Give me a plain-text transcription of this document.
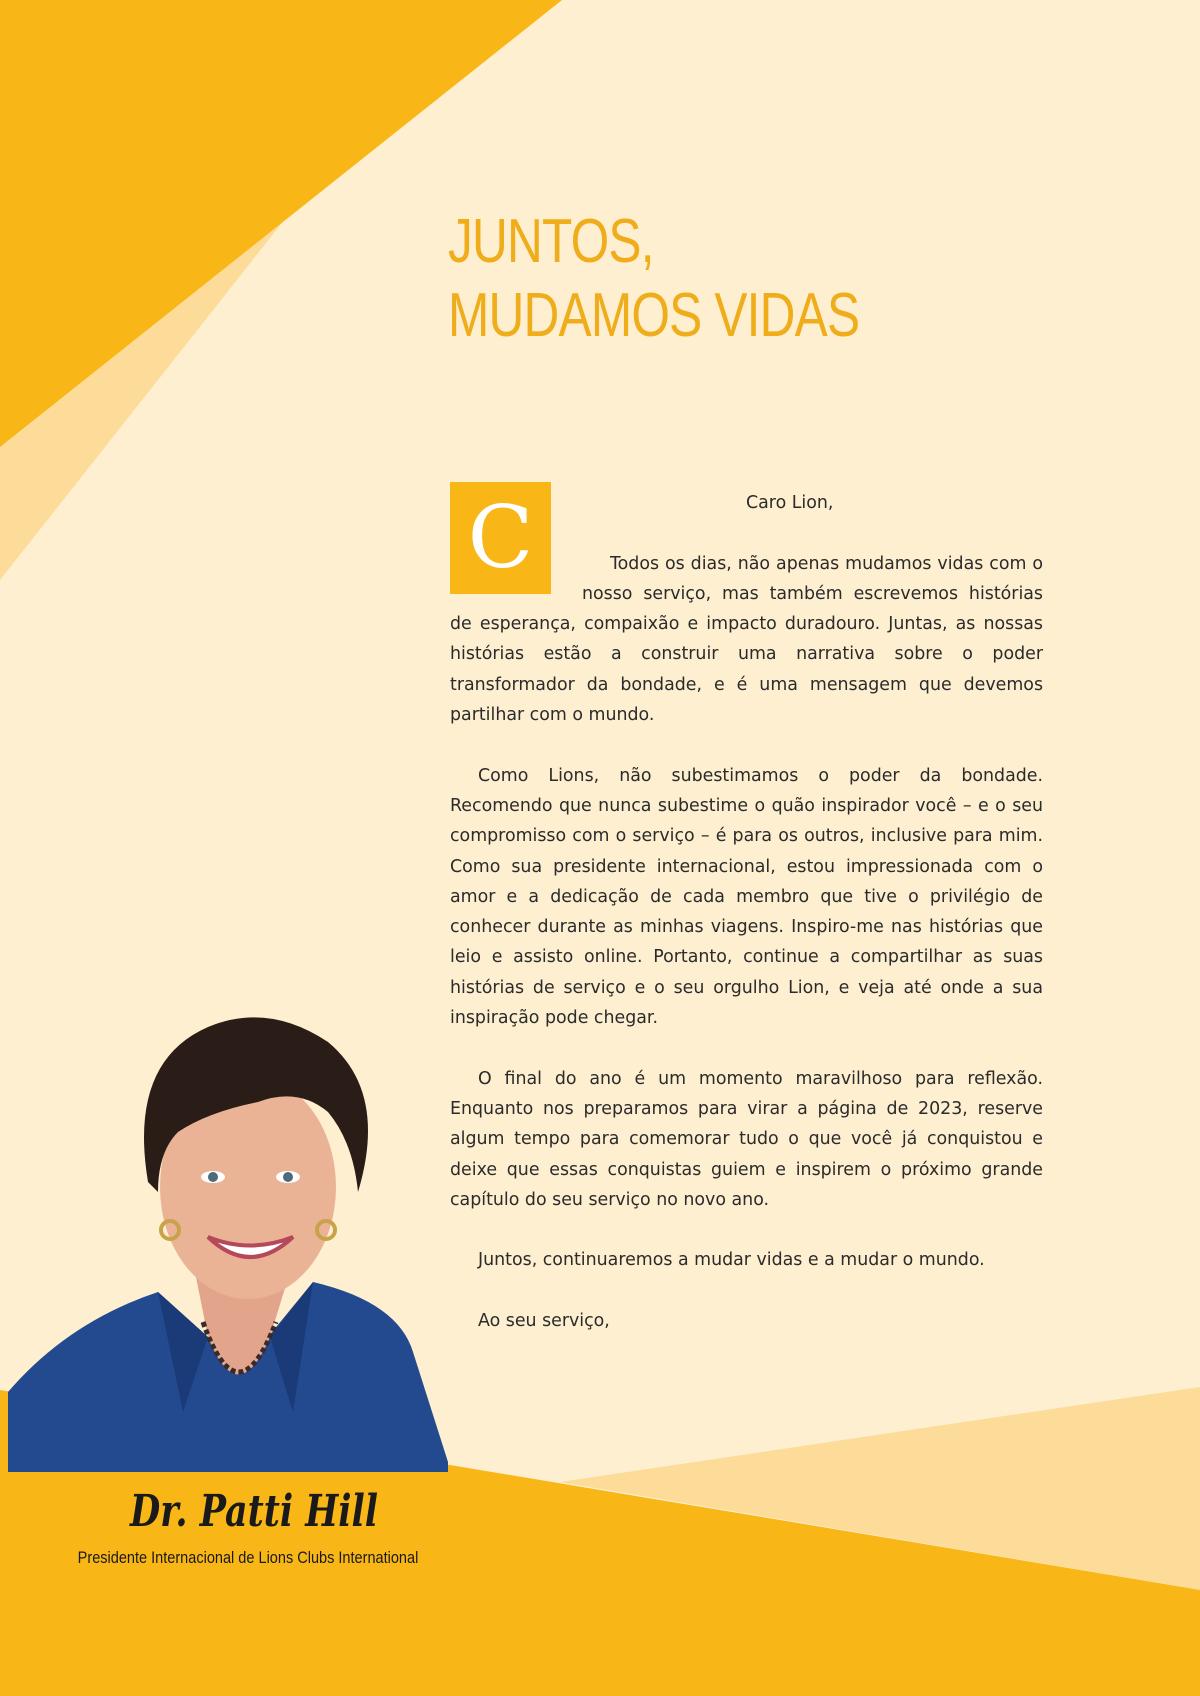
JUNTOS,
MUDAMOS VIDAS
C	Caro Lion,

Todos os dias, não apenas mudamos vidas com o nosso serviço, mas também escrevemos histórias de esperança, compaixão e impacto duradouro. Juntas, as nossas histórias estão a construir uma narrativa sobre o poder transformador da bondade, e é uma mensagem que devemos partilhar com o mundo.

Como Lions, não subestimamos o poder da bondade. Recomendo que nunca subestime o quão inspirador você – e o seu compromisso com o serviço – é para os outros, inclusive para mim. Como sua presidente internacional, estou impressionada com o amor e a dedicação de cada membro que tive o privilégio de conhecer durante as minhas viagens. Inspiro-me nas histórias que leio e assisto online. Portanto, continue a compartilhar as suas histórias de serviço e o seu orgulho Lion, e veja até onde a sua inspiração pode chegar.

O final do ano é um momento maravilhoso para reflexão. Enquanto nos preparamos para virar a página de 2023, reserve algum tempo para comemorar tudo o que você já conquistou e deixe que essas conquistas guiem e inspirem o próximo grande capítulo do seu serviço no novo ano.

Juntos, continuaremos a mudar vidas e a mudar o mundo.

Ao seu serviço,

Dr. Patti Hill
Presidente Internacional de Lions Clubs International
